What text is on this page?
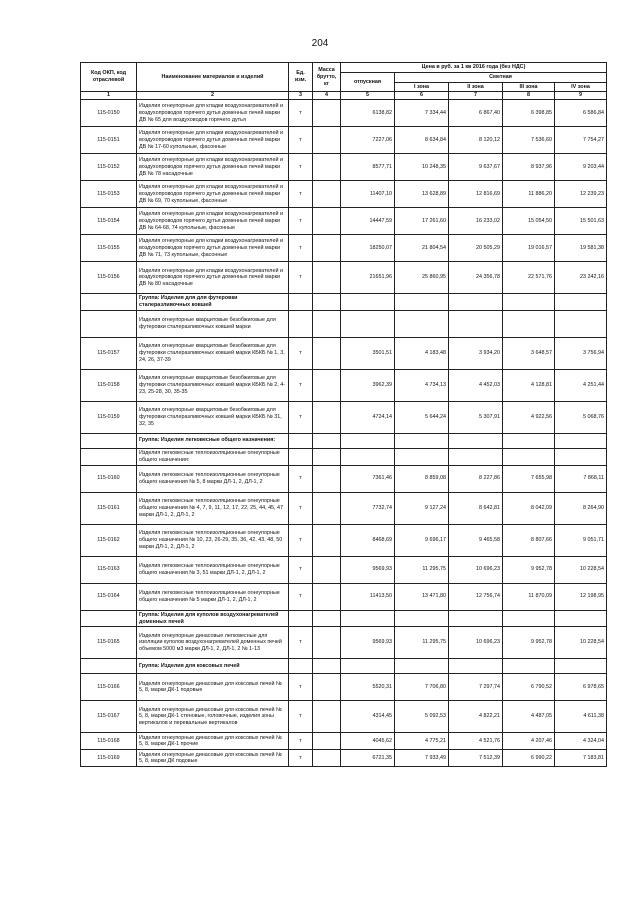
204
Код ОКП, код отраслевой	Наименование материалов и изделий	Ед. изм.	Масса брутто, кг	Цена в руб. за 1 кв 2016 года (без НДС)				
				отпускная	Сметная			
					I зона	II зона	III зона	IV зона
1	2	3	4	5	6	7	8	9
115-0150	Изделия огнеупорные для кладки воздухонагревателей и воздухопроводов горячего дутья доменных печей марки ДВ № 65 для воздуховодов горячего дутья	т		6138,82	7 334,44	6 867,40	6 398,85	6 586,84
115-0151	Изделия огнеупорные для кладки воздухонагревателей и воздухопроводов горячего дутья доменных печей марки ДВ № 17-60 купольные, фасонные	т		7227,06	8 634,84	8 120,12	7 536,60	7 754,27
115-0152	Изделия огнеупорные для кладки воздухонагревателей и воздухопроводов горячего дутья доменных печей марки ДВ № 78 насадочные	т		8577,71	10 248,35	9 637,67	8 937,96	9 203,44
115-0153	Изделия огнеупорные для кладки воздухонагревателей и воздухопроводов горячего дутья доменных печей марки ДВ № 69, 70 купольные, фасонные	т		11407,10	13 628,89	12 816,69	11 886,20	12 239,23
115-0154	Изделия огнеупорные для кладки воздухонагревателей и воздухопроводов горячего дутья доменных печей марки ДВ № 64-68, 74 купольные, фасонные	т		14447,59	17 261,60	16 233,02	15 054,50	15 501,63
115-0155	Изделия огнеупорные для кладки воздухонагревателей и воздухопроводов горячего дутья доменных печей марки ДВ № 71, 73 купольные, фасонные	т		18250,07	21 804,54	20 505,29	19 016,57	19 581,38
115-0156	Изделия огнеупорные для кладки воздухонагревателей и воздухопроводов горячего дутья доменных печей марки ДВ № 80 насадочные	т		21651,96	25 860,95	24 356,78	22 571,76	23 242,16
	Группа: Изделия для для футеровки сталеразливочных ковшей							
	Изделия огнеупорные кварцитовые безобжиговые для футеровки сталеразливочных ковшей марки							
115-0157	Изделия огнеупорные кварцитовые безобжиговые для футеровки сталеразливочных ковшей марки КБКБ № 1, 3, 24, 26, 37-39	т		3501,51	4 183,48	3 934,20	3 648,57	3 756,94
115-0158	Изделия огнеупорные кварцитовые безобжиговые для футеровки сталеразливочных ковшей марки КБКБ № 2, 4-23, 25-28, 30, 35-35	т		3962,39	4 734,13	4 452,03	4 128,81	4 251,44
115-0159	Изделия огнеупорные кварцитовые безобжиговые для футеровки сталеразливочных ковшей марки КБКБ № 31, 32, 35	т		4724,14	5 644,24	5 307,91	4 922,56	5 068,76
	Группа: Изделия легковесные общего назначения:							
	Изделия легковесные теплоизоляционные огнеупорные общего назначения:							
115-0160	Изделия легковесные теплоизоляционные огнеупорные общего назначения № 5, 8 марки ДЛ-1, 2, ДЛ-1, 2	т		7361,46	8 859,08	8 227,86	7 655,98	7 868,11
115-0161	Изделия легковесные теплоизоляционные огнеупорные общего назначения № 4, 7, 9, 11, 12, 17, 22, 25, 44, 45, 47 марки ДЛ-1, 2, ДЛ-1, 2	т		7732,74	9 127,24	8 642,81	8 042,09	8 264,90
115-0162	Изделия легковесные теплоизоляционные огнеупорные общего назначения № 10, 23, 26-29, 35, 36, 42, 43, 48, 50 марки ДЛ-1, 2, ДЛ-1, 2	т		8468,69	9 696,17	9 465,58	8 807,66	9 051,71
115-0163	Изделия легковесные теплоизоляционные огнеупорные общего назначения № 3, 51 марки ДЛ-1, 2, ДЛ-1, 2	т		9569,93	11 295,75	10 696,23	9 952,78	10 228,54
115-0164	Изделия легковесные теплоизоляционные огнеупорные общего назначения № 5 марки ДЛ-1, 2, ДЛ-1, 2	т		11413,50	13 471,80	12 756,74	11 870,09	12 198,95
	Группа: Изделия для куполов воздухонагревателей доменных печей							
115-0165	Изделия огнеупорные динасовые легковесные для изоляции куполов воздухонагревателей доменных печей объемом 5000 м3 марки ДЛ-1, 2, ДЛ-1, 2 № 1-13	т		9569,93	11 295,75	10 696,23	9 952,78	10 228,54
	Группа: Изделия для коксовых печей							
115-0166	Изделия огнеупорные динасовые для коксовых печей № 5, 8, марки ДК-1 подовые	т		5520,31	7 706,80	7 297,74	6 790,52	6 978,65
115-0167	Изделия огнеупорные динасовые для коксовых печей № 5, 8, марки ДК-1 стеновые, головочные, изделия зоны вертикалов и перевальные вертикалов	т		4314,45	5 092,53	4 822,21	4 487,05	4 611,38
115-0168	Изделия огнеупорные динасовые для коксовых печей № 5, 8, марки ДК-1 прочие	т		4045,62	4 775,21	4 521,76	4 207,46	4 324,04
115-0169	Изделия огнеупорные динасовые для коксовых печей № 5, 8, марки ДК подовые	т		6721,35	7 933,49	7 512,39	6 990,22	7 183,81
